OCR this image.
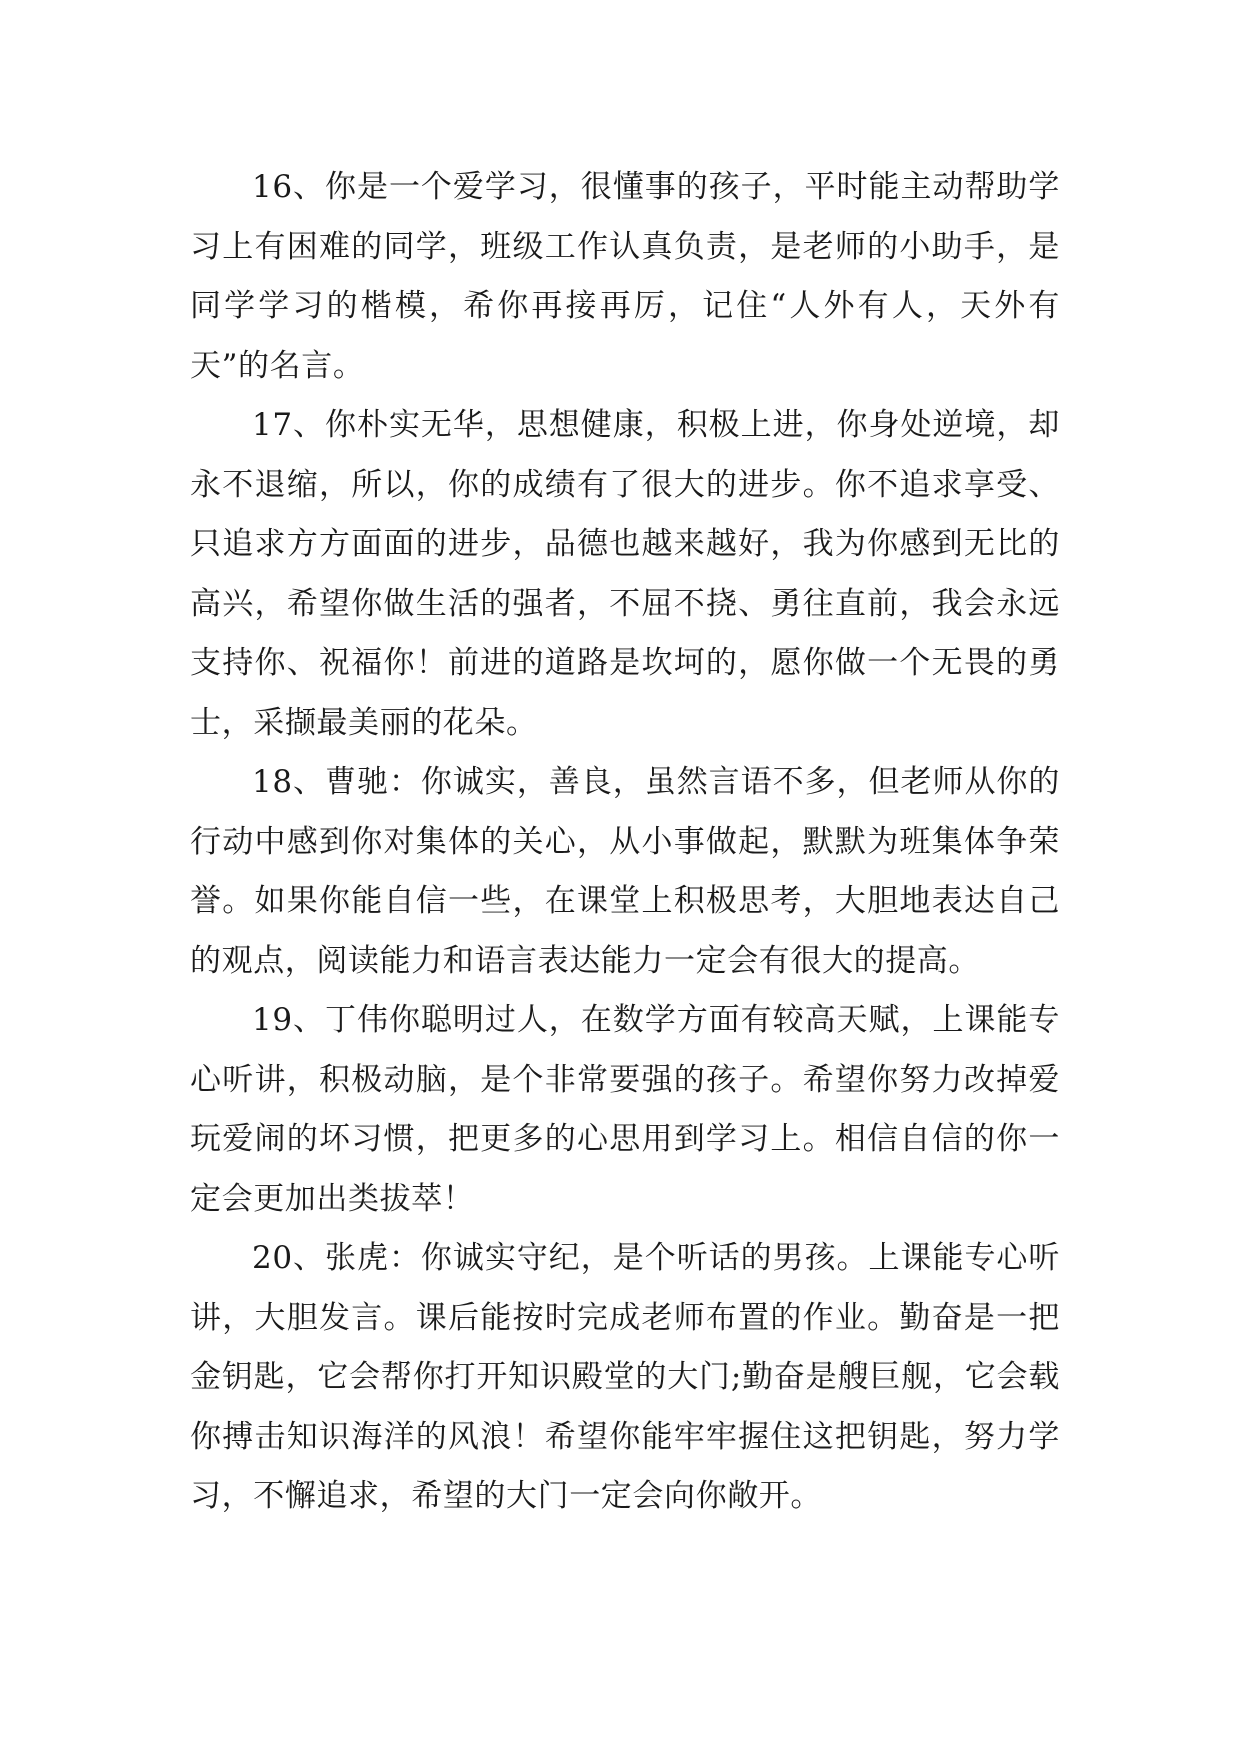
16、你是一个爱学习，很懂事的孩子，平时能主动帮助学习上有困难的同学，班级工作认真负责，是老师的小助手，是同学学习的楷模，希你再接再厉，记住“人外有人，天外有天”的名言。

17、你朴实无华，思想健康，积极上进，你身处逆境，却永不退缩，所以，你的成绩有了很大的进步。你不追求享受、只追求方方面面的进步，品德也越来越好，我为你感到无比的高兴，希望你做生活的强者，不屈不挠、勇往直前，我会永远支持你、祝福你！前进的道路是坎坷的，愿你做一个无畏的勇士，采撷最美丽的花朵。

18、曹驰：你诚实，善良，虽然言语不多，但老师从你的行动中感到你对集体的关心，从小事做起，默默为班集体争荣誉。如果你能自信一些，在课堂上积极思考，大胆地表达自己的观点，阅读能力和语言表达能力一定会有很大的提高。

19、丁伟你聪明过人，在数学方面有较高天赋，上课能专心听讲，积极动脑，是个非常要强的孩子。希望你努力改掉爱玩爱闹的坏习惯，把更多的心思用到学习上。相信自信的你一定会更加出类拔萃！

20、张虎：你诚实守纪，是个听话的男孩。上课能专心听讲，大胆发言。课后能按时完成老师布置的作业。勤奋是一把金钥匙，它会帮你打开知识殿堂的大门;勤奋是艘巨舰，它会载你搏击知识海洋的风浪！希望你能牢牢握住这把钥匙，努力学习，不懈追求，希望的大门一定会向你敞开。
